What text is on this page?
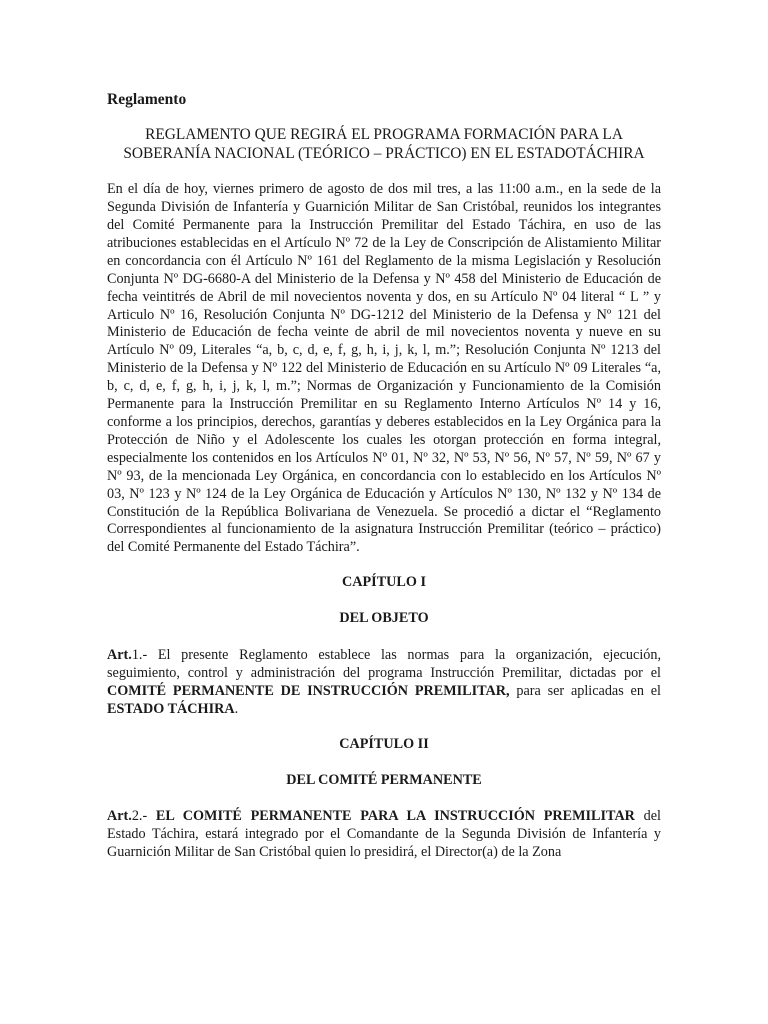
Reglamento
REGLAMENTO QUE REGIRÁ EL PROGRAMA FORMACIÓN PARA LA SOBERANÍA NACIONAL (TEÓRICO – PRÁCTICO) EN EL ESTADOTÁCHIRA

En el día de hoy, viernes primero de agosto de dos mil tres, a las 11:00 a.m., en la sede de la Segunda División de Infantería y Guarnición Militar de San Cristóbal, reunidos los integrantes del Comité Permanente para la Instrucción Premilitar del Estado Táchira, en uso de las atribuciones establecidas en el Artículo Nº 72 de la Ley de Conscripción de Alistamiento Militar en concordancia con él Artículo Nº 161 del Reglamento de la misma Legislación y Resolución Conjunta Nº DG-6680-A del Ministerio de la Defensa y Nº 458 del Ministerio de Educación de fecha veintitrés de Abril de mil novecientos noventa y dos, en su Artículo Nº 04 literal “ L ” y Articulo Nº 16, Resolución Conjunta Nº DG-1212 del Ministerio de la Defensa y Nº 121 del Ministerio de Educación de fecha veinte de abril de mil novecientos noventa y nueve en su Artículo Nº 09, Literales “a, b, c, d, e, f, g, h, i, j, k, l, m.”; Resolución Conjunta Nº 1213 del Ministerio de la Defensa y Nº 122 del Ministerio de Educación en su Artículo Nº 09 Literales “a, b, c, d, e, f, g, h, i, j, k, l, m.”; Normas de Organización y Funcionamiento de la Comisión Permanente para la Instrucción Premilitar en su Reglamento Interno Artículos Nº 14 y 16, conforme a los principios, derechos, garantías y deberes establecidos en la Ley Orgánica para la Protección de Niño y el Adolescente los cuales les otorgan protección en forma integral, especialmente los contenidos en los Artículos Nº 01, Nº 32, Nº 53, Nº 56, Nº 57, Nº 59, Nº 67 y Nº 93, de la mencionada Ley Orgánica, en concordancia con lo establecido en los Artículos Nº 03, Nº 123 y Nº 124 de la Ley Orgánica de Educación y Artículos Nº 130, Nº 132 y Nº 134 de Constitución de la República Bolivariana de Venezuela. Se procedió a dictar el “Reglamento Correspondientes al funcionamiento de la asignatura Instrucción Premilitar (teórico – práctico) del Comité Permanente del Estado Táchira”.

CAPÍTULO I
DEL OBJETO

Art.1.- El presente Reglamento establece las normas para la organización, ejecución, seguimiento, control y administración del programa Instrucción Premilitar, dictadas por el COMITÉ PERMANENTE DE INSTRUCCIÓN PREMILITAR, para ser aplicadas en el ESTADO TÁCHIRA.

CAPÍTULO II
DEL COMITÉ PERMANENTE

Art.2.- EL COMITÉ PERMANENTE PARA LA INSTRUCCIÓN PREMILITAR del Estado Táchira, estará integrado por el Comandante de la Segunda División de Infantería y Guarnición Militar de San Cristóbal quien lo presidirá, el Director(a) de la Zona
